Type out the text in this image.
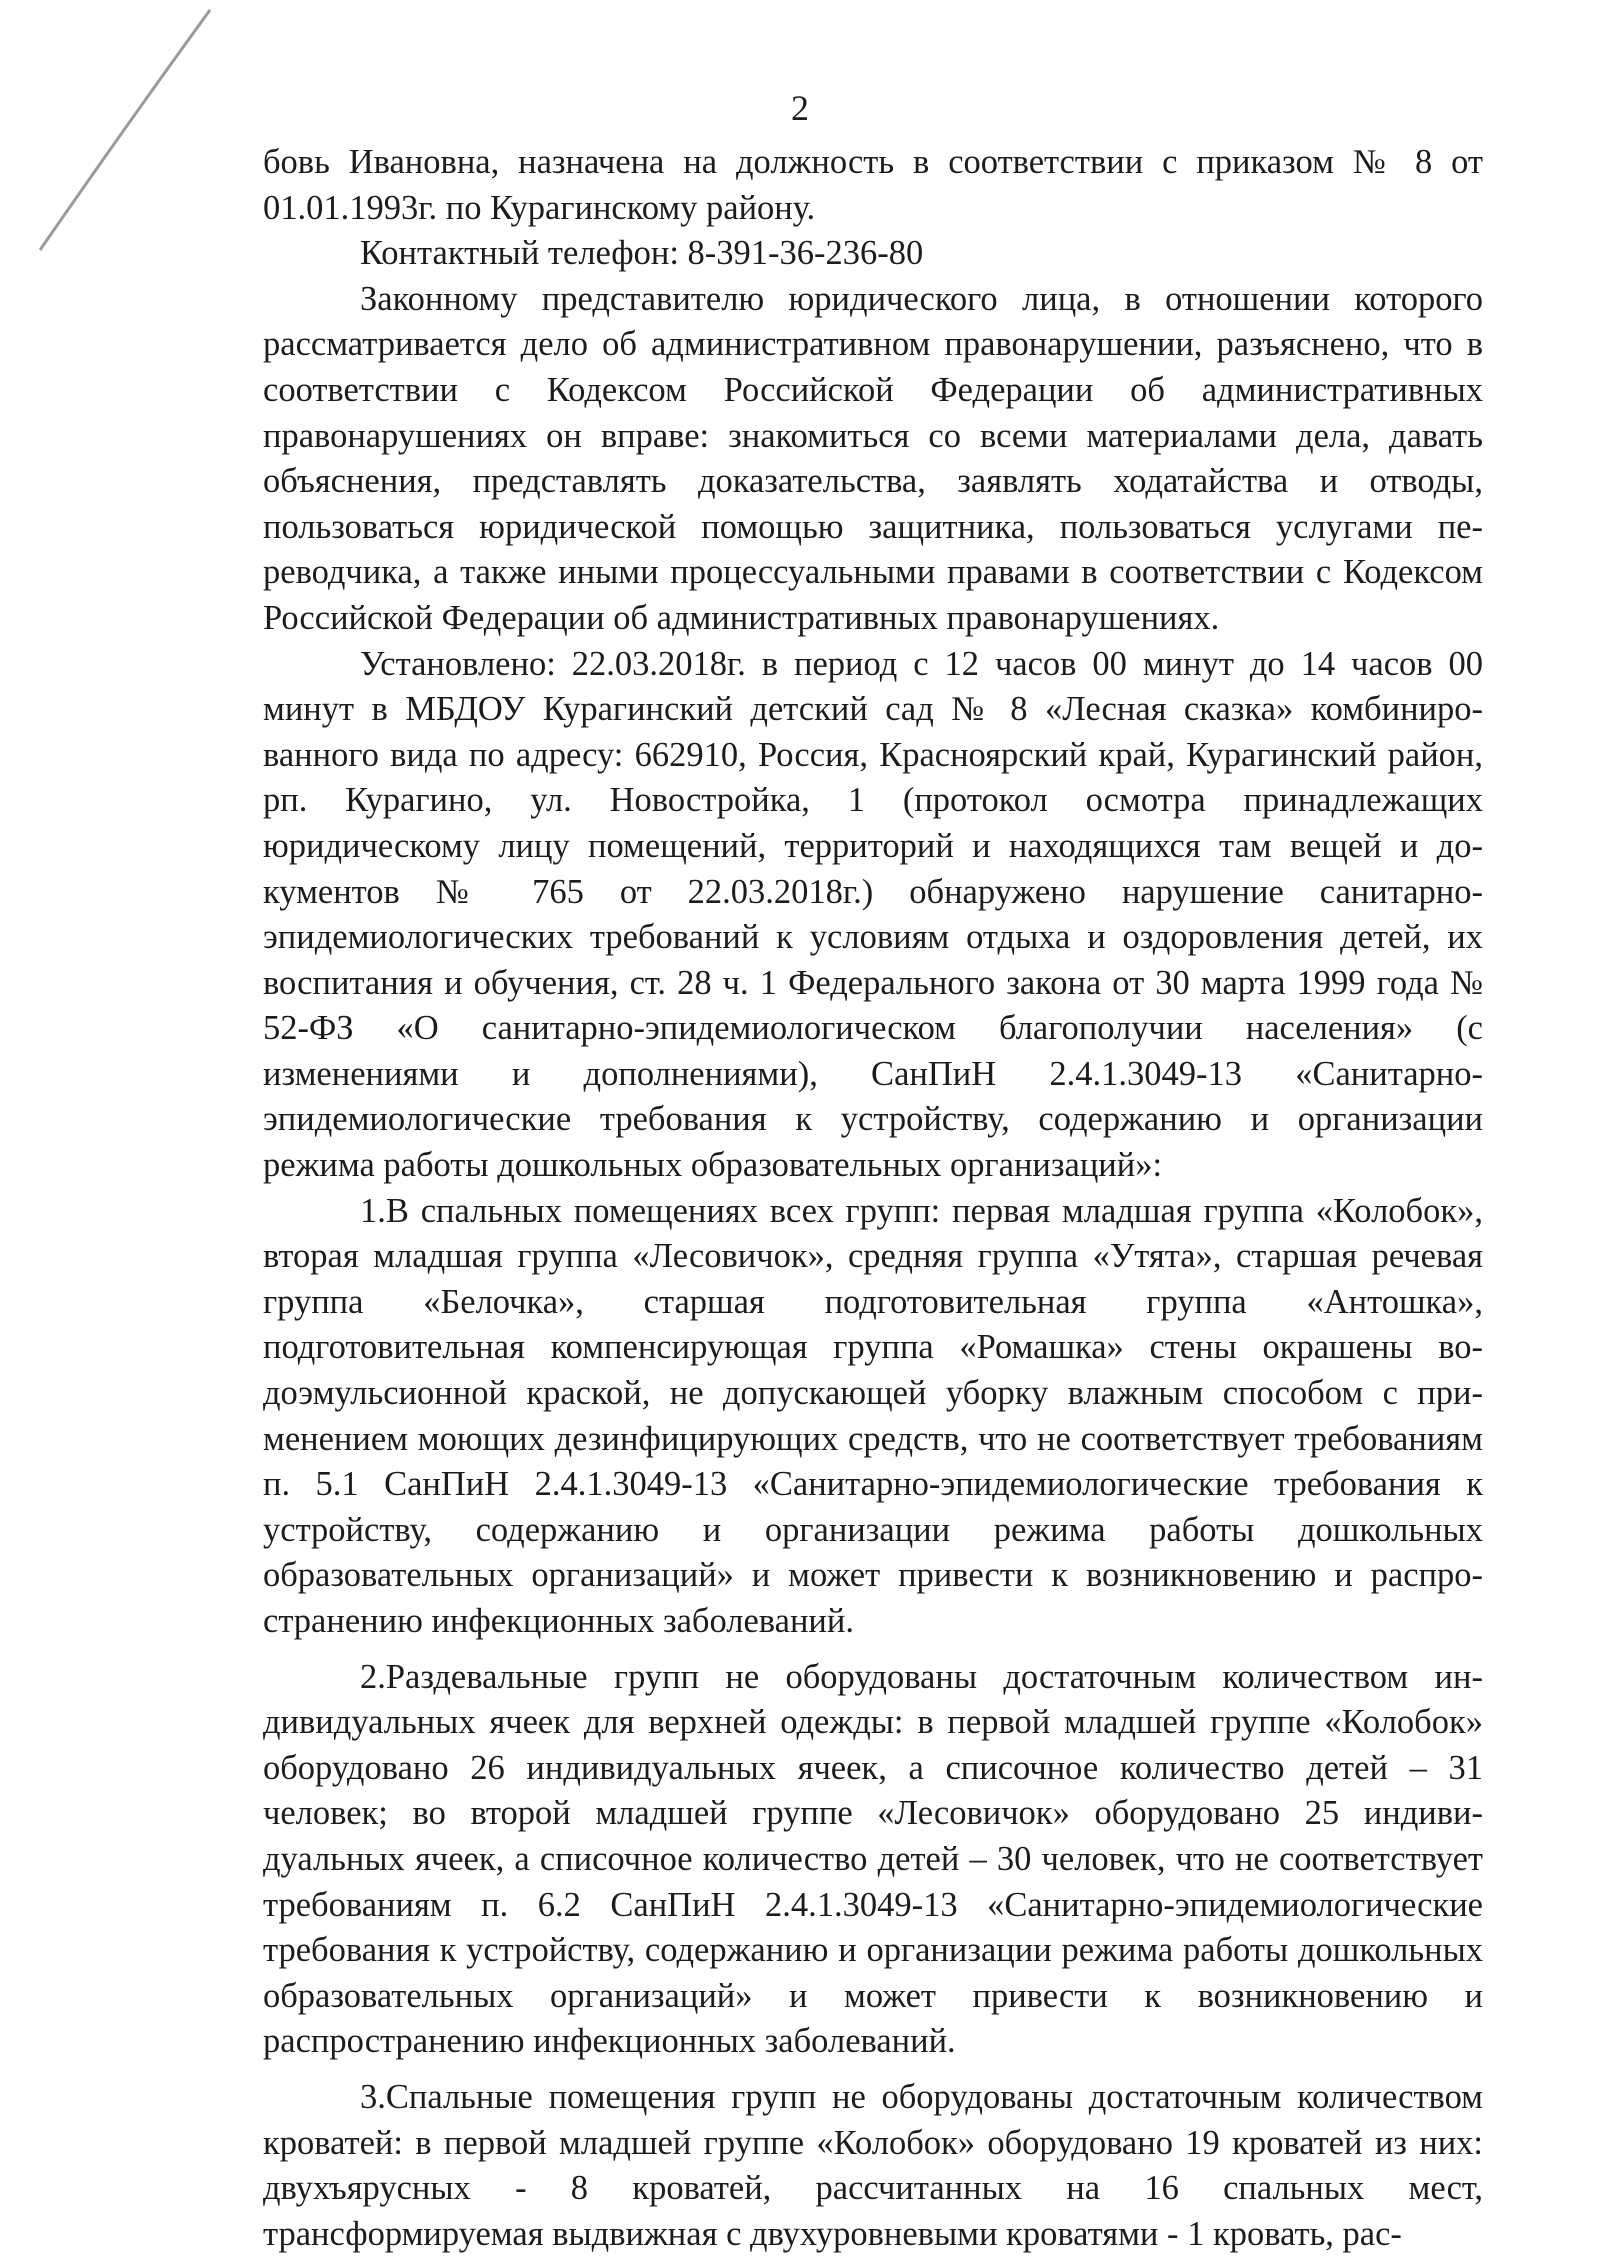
2

бовь Ивановна, назначена на должность в соответствии с приказом № 8 от 01.01.1993г. по Курагинскому району.

Контактный телефон: 8-391-36-236-80

Законному представителю юридического лица, в отношении которого рассматривается дело об административном правонарушении, разъяснено, что в соответствии с Кодексом Российской Федерации об административных правонарушениях он вправе: знакомиться со всеми материалами дела, давать объяснения, представлять доказательства, заявлять ходатайства и отводы, пользоваться юридической помощью защитника, пользоваться услугами переводчика, а также иными процессуальными правами в соответствии с Кодексом Российской Федерации об административных правонарушениях.

Установлено: 22.03.2018г. в период с 12 часов 00 минут до 14 часов 00 минут в МБДОУ Курагинский детский сад № 8 «Лесная сказка» комбинированного вида по адресу: 662910, Россия, Красноярский край, Курагинский район, рп. Курагино, ул. Новостройка, 1 (протокол осмотра принадлежащих юридическому лицу помещений, территорий и находящихся там вещей и документов № 765 от 22.03.2018г.) обнаружено нарушение санитарно-эпидемиологических требований к условиям отдыха и оздоровления детей, их воспитания и обучения, ст. 28 ч. 1 Федерального закона от 30 марта 1999 года № 52-ФЗ «О санитарно-эпидемиологическом благополучии населения» (с изменениями и дополнениями), СанПиН 2.4.1.3049-13 «Санитарно-эпидемиологические требования к устройству, содержанию и организации режима работы дошкольных образовательных организаций»:

1.В спальных помещениях всех групп: первая младшая группа «Колобок», вторая младшая группа «Лесовичок», средняя группа «Утята», старшая речевая группа «Белочка», старшая подготовительная группа «Антошка», подготовительная компенсирующая группа «Ромашка» стены окрашены водоэмульсионной краской, не допускающей уборку влажным способом с применением моющих дезинфицирующих средств, что не соответствует требованиям п. 5.1 СанПиН 2.4.1.3049-13 «Санитарно-эпидемиологические требования к устройству, содержанию и организации режима работы дошкольных образовательных организаций» и может привести к возникновению и распространению инфекционных заболеваний.

2.Раздевальные групп не оборудованы достаточным количеством индивидуальных ячеек для верхней одежды: в первой младшей группе «Колобок» оборудовано 26 индивидуальных ячеек, а списочное количество детей – 31 человек; во второй младшей группе «Лесовичок» оборудовано 25 индивидуальных ячеек, а списочное количество детей – 30 человек, что не соответствует требованиям п. 6.2 СанПиН 2.4.1.3049-13 «Санитарно-эпидемиологические требования к устройству, содержанию и организации режима работы дошкольных образовательных организаций» и может привести к возникновению и распространению инфекционных заболеваний.

3.Спальные помещения групп не оборудованы достаточным количеством кроватей: в первой младшей группе «Колобок» оборудовано 19 кроватей из них: двухъярусных - 8 кроватей, рассчитанных на 16 спальных мест, трансформируемая выдвижная с двухуровневыми кроватями - 1 кровать, рас-
